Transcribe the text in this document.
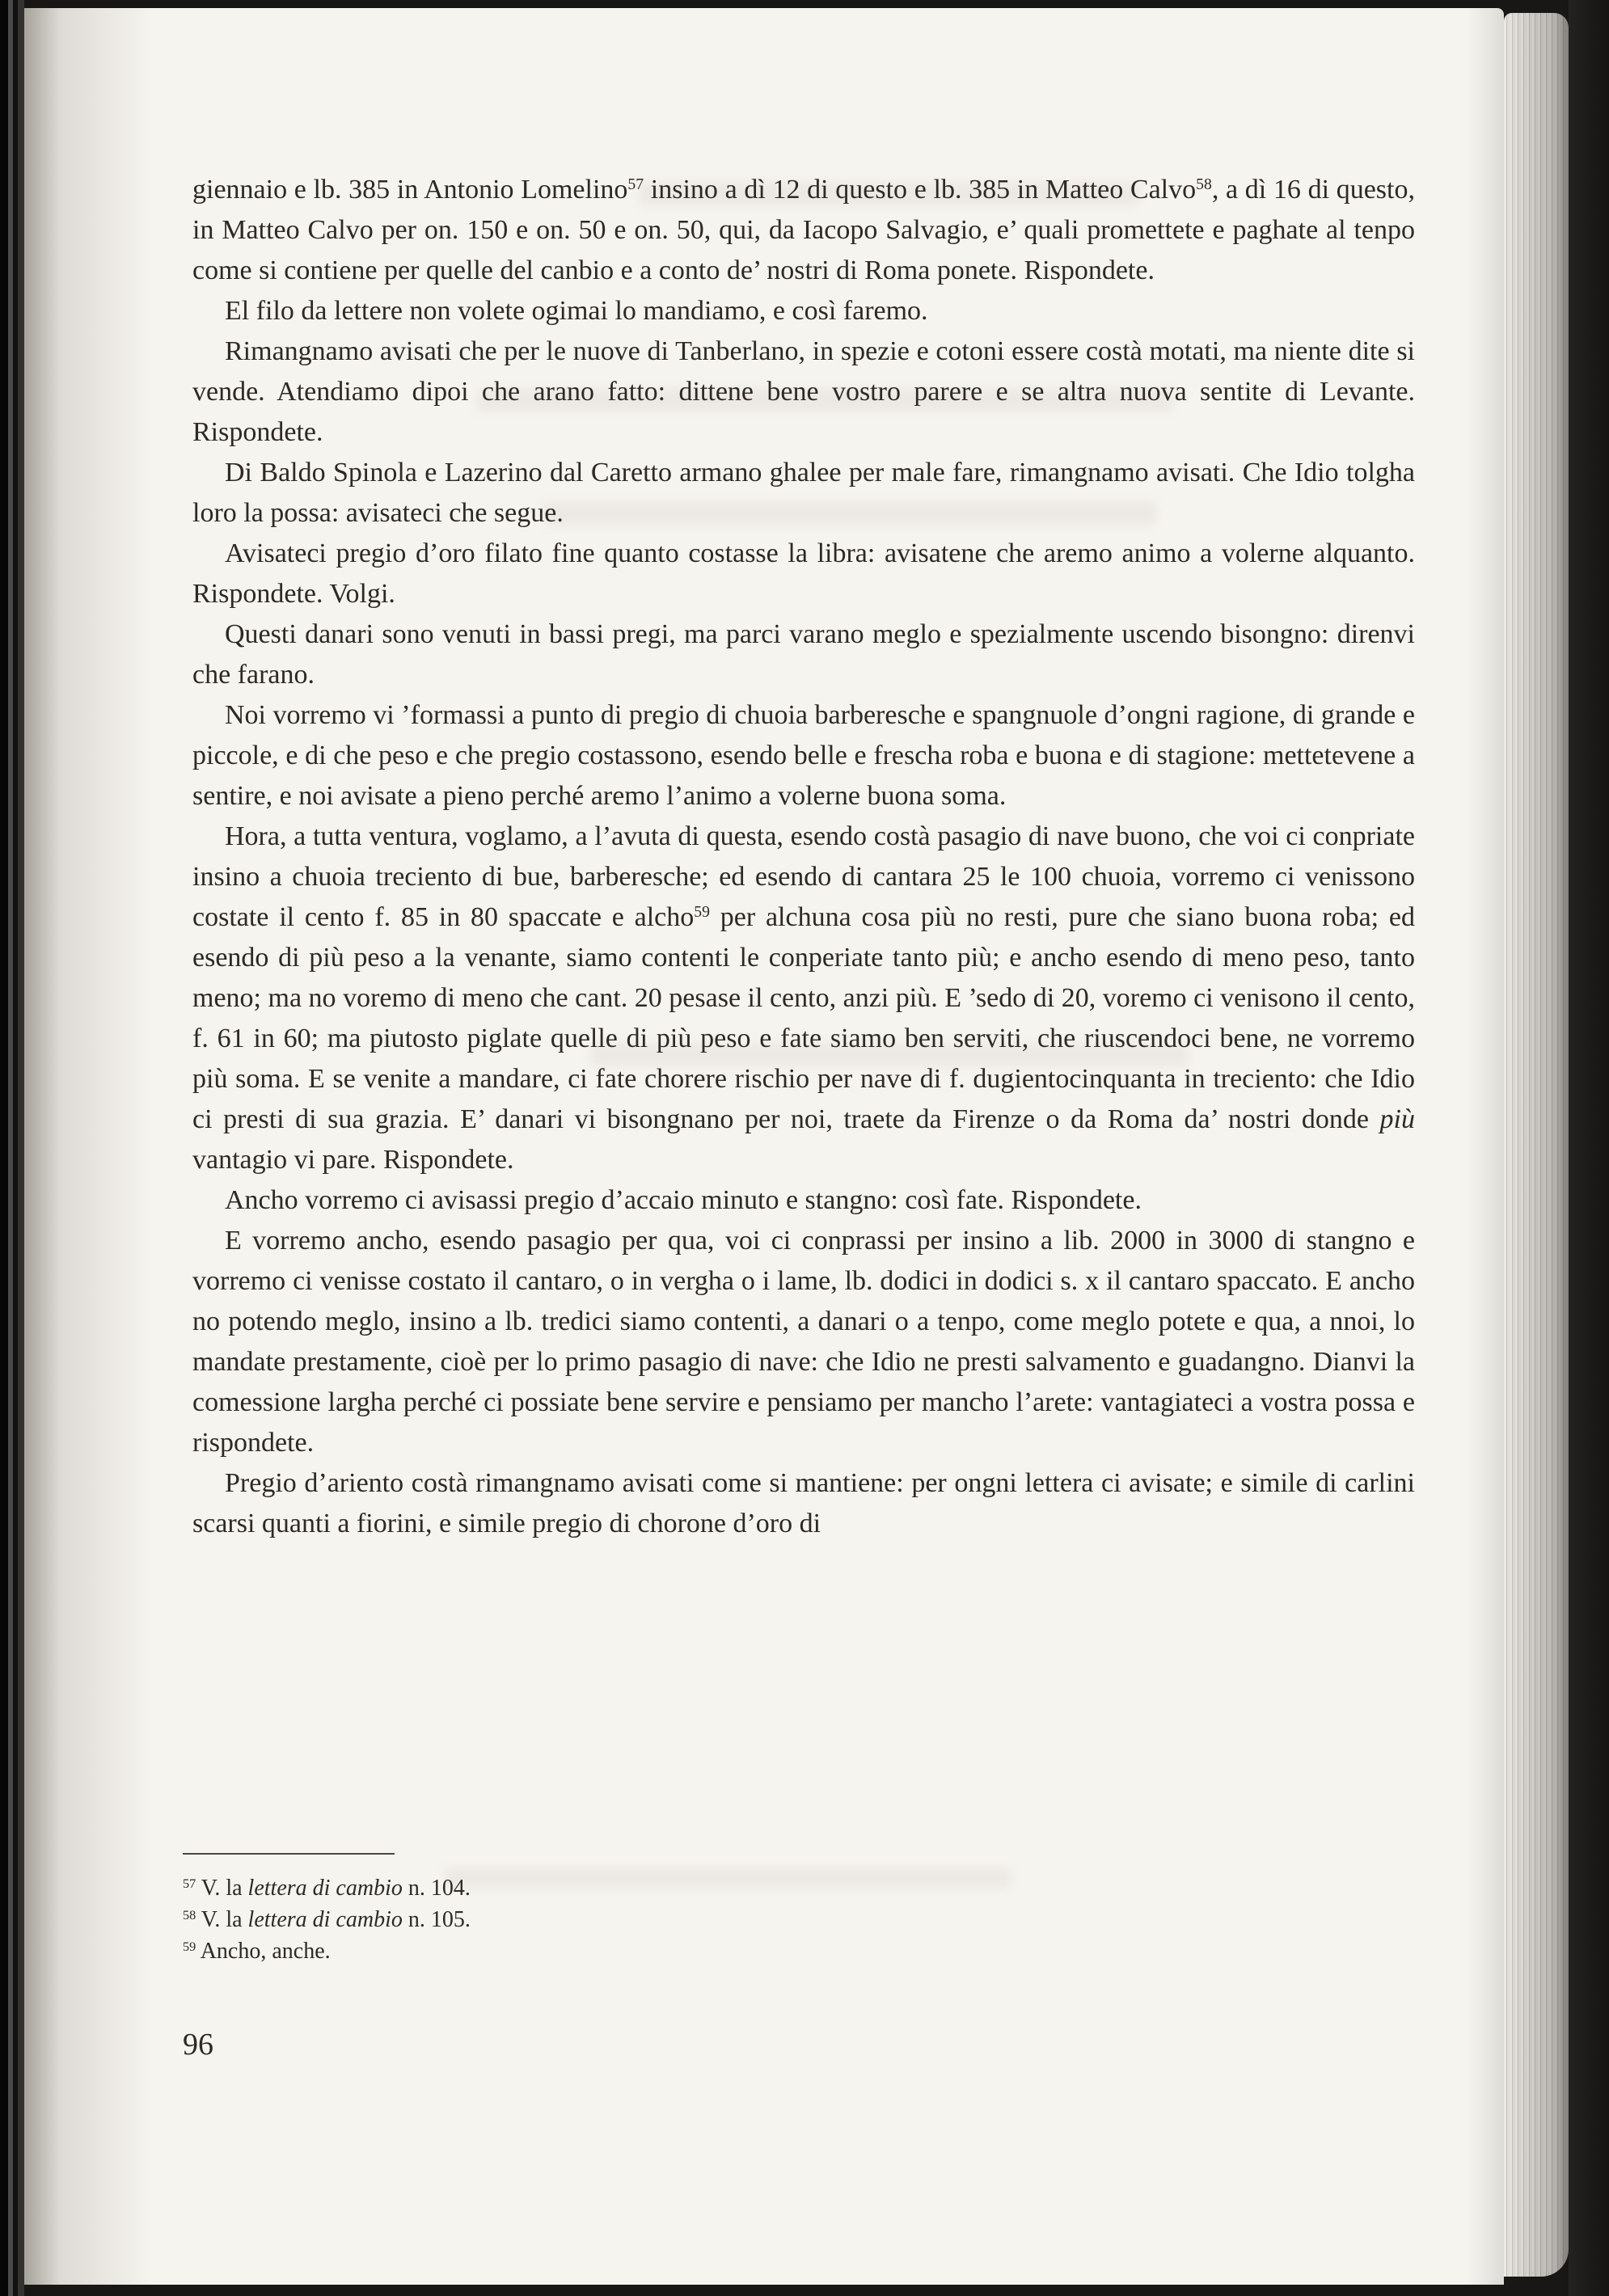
giennaio e lb. 385 in Antonio Lomelino$^{57}$ insino a dì 12 di questo e lb. 385 in Matteo Calvo$^{58}$, a dì 16 di questo, in Matteo Calvo per on. 150 e on. 50 e on. 50, qui, da Iacopo Salvagio, e’ quali promettete e paghate al tenpo come si contiene per quelle del canbio e a conto de’ nostri di Roma ponete. Rispondete.

El filo da lettere non volete ogimai lo mandiamo, e così faremo.

Rimangnamo avisati che per le nuove di Tanberlano, in spezie e cotoni essere costà motati, ma niente dite si vende. Atendiamo dipoi che arano fatto: dittene bene vostro parere e se altra nuova sentite di Levante. Rispondete.

Di Baldo Spinola e Lazerino dal Caretto armano ghalee per male fare, rimangnamo avisati. Che Idio tolgha loro la possa: avisateci che segue.

Avisateci pregio d’oro filato fine quanto costasse la libra: avisatene che aremo animo a volerne alquanto. Rispondete. Volgi.

Questi danari sono venuti in bassi pregi, ma parci varano meglo e spezialmente uscendo bisongno: direnvi che farano.

Noi vorremo vi ’formassi a punto di pregio di chuoia barberesche e spangnuole d’ongni ragione, di grande e piccole, e di che peso e che pregio costassono, esendo belle e frescha roba e buona e di stagione: mettetevene a sentire, e noi avisate a pieno perché aremo l’animo a volerne buona soma.

Hora, a tutta ventura, voglamo, a l’avuta di questa, esendo costà pasagio di nave buono, che voi ci conpriate insino a chuoia treciento di bue, barberesche; ed esendo di cantara 25 le 100 chuoia, vorremo ci venissono costate il cento f. 85 in 80 spaccate e alcho$^{59}$ per alchuna cosa più no resti, pure che siano buona roba; ed esendo di più peso a la venante, siamo contenti le conperiate tanto più; e ancho esendo di meno peso, tanto meno; ma no voremo di meno che cant. 20 pesase il cento, anzi più. E ’sedo di 20, voremo ci venisono il cento, f. 61 in 60; ma piutosto piglate quelle di più peso e fate siamo ben serviti, che riuscendoci bene, ne vorremo più soma. E se venite a mandare, ci fate chorere rischio per nave di f. dugientocinquanta in treciento: che Idio ci presti di sua grazia. E’ danari vi bisongnano per noi, traete da Firenze o da Roma da’ nostri donde più vantagio vi pare. Rispondete.

Ancho vorremo ci avisassi pregio d’accaio minuto e stangno: così fate. Rispondete.

E vorremo ancho, esendo pasagio per qua, voi ci conprassi per insino a lib. 2000 in 3000 di stangno e vorremo ci venisse costato il cantaro, o in vergha o i lame, lb. dodici in dodici s. x il cantaro spaccato. E ancho no potendo meglo, insino a lb. tredici siamo contenti, a danari o a tenpo, come meglo potete e qua, a nnoi, lo mandate prestamente, cioè per lo primo pasagio di nave: che Idio ne presti salvamento e guadangno. Dianvi la comessione largha perché ci possiate bene servire e pensiamo per mancho l’arete: vantagiateci a vostra possa e rispondete.

Pregio d’ariento costà rimangnamo avisati come si mantiene: per ongni lettera ci avisate; e simile di carlini scarsi quanti a fiorini, e simile pregio di chorone d’oro di

$^{57}$ V. la lettera di cambio n. 104.

$^{58}$ V. la lettera di cambio n. 105.

$^{59}$ Ancho, anche.

96
